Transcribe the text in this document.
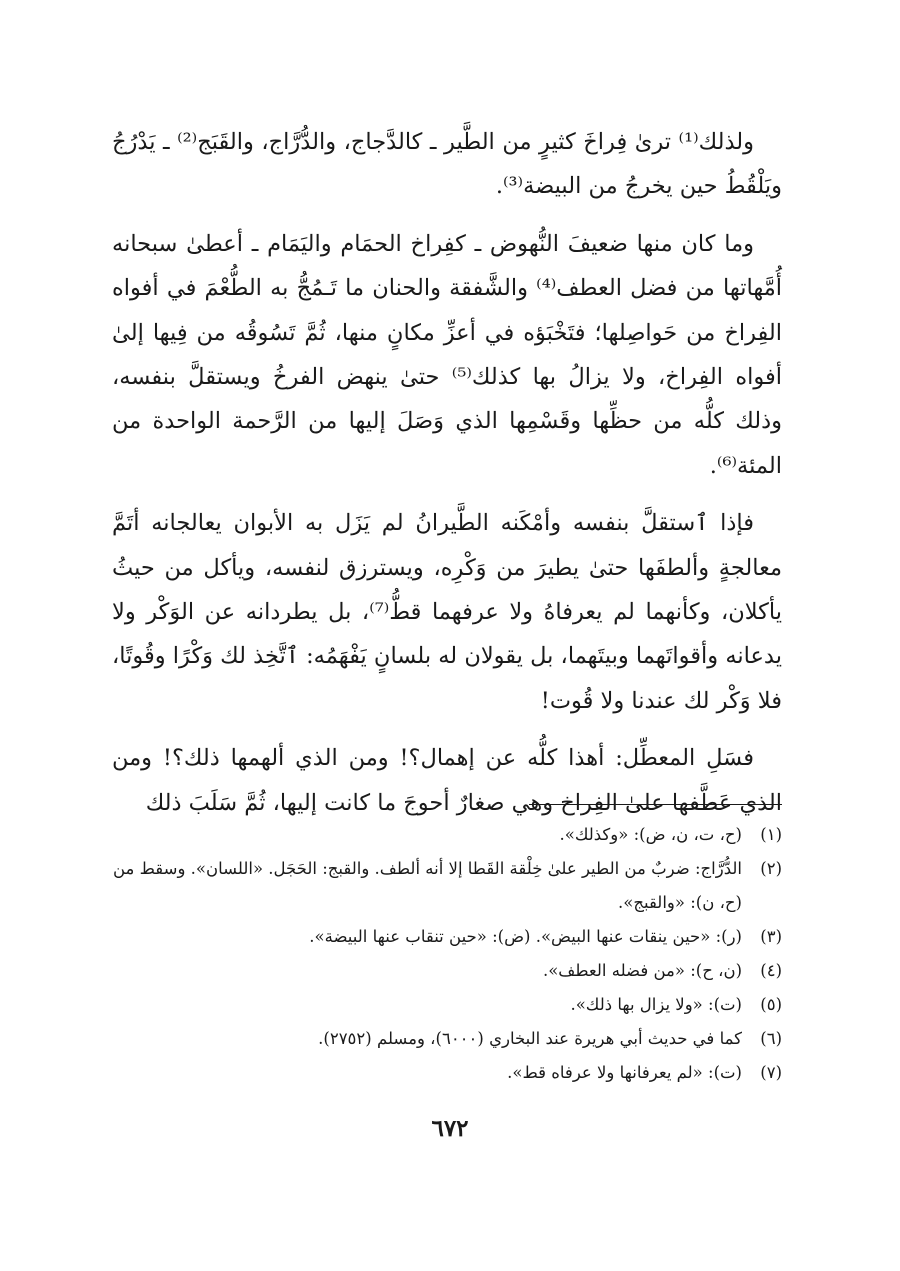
ولذلك⁽¹⁾ ترىٰ فِراخَ كثيرٍ من الطَّير ـ كالدَّجاج، والدُّرَّاج، والقَبَج⁽²⁾ ـ يَدْرُجُ ويَلْقُطُ حين يخرجُ من البيضة⁽³⁾.

وما كان منها ضعيفَ النُّهوض ـ كفِراخ الحمَام واليَمَام ـ أعطىٰ سبحانه أُمَّهاتها من فضل العطف⁽⁴⁾ والشَّفقة والحنان ما تَـمُجُّ به الطُّعْمَ في أفواه الفِراخ من حَواصِلها؛ فتَخْبَؤه في أعزِّ مكانٍ منها، ثُمَّ تَسُوقُه من فِيها إلىٰ أفواه الفِراخ، ولا يزالُ بها كذلك⁽⁵⁾ حتىٰ ينهض الفرخُ ويستقلَّ بنفسه، وذلك كلُّه من حظِّها وقَسْمِها الذي وَصَلَ إليها من الرَّحمة الواحدة من المئة⁽⁶⁾.

فإذا ٱستقلَّ بنفسه وأمْكَنه الطَّيرانُ لم يَزَل به الأبوان يعالجانه أتَمَّ معالجةٍ وألطفَها حتىٰ يطيرَ من وَكْرِه، ويسترزق لنفسه، ويأكل من حيثُ يأكلان، وكأنهما لم يعرفاهُ ولا عرفهما قطُّ⁽⁷⁾، بل يطردانه عن الوَكْر ولا يدعانه وأقواتَهما وبيتَهما، بل يقولان له بلسانٍ يَفْهَمُه: ٱتَّخِذ لك وَكْرًا وقُوتًا، فلا وَكْر لك عندنا ولا قُوت!

فسَلِ المعطِّل: أهذا كلُّه عن إهمال؟! ومن الذي ألهمها ذلك؟! ومن الذي عَطَّفها علىٰ الفِراخ وهي صغارٌ أحوجَ ما كانت إليها، ثُمَّ سَلَبَ ذلك

(١)
(ح، ت، ن، ض): «وكذلك».
(٢)
الدُّرَّاج: ضربٌ من الطير علىٰ خِلْقة القَطا إلا أنه ألطف. والقبج: الحَجَل. «اللسان». وسقط من (ح، ن): «والقبج».
(٣)
(ر): «حين ينقات عنها البيض». (ض): «حين تنقاب عنها البيضة».
(٤)
(ن، ح): «من فضله العطف».
(٥)
(ت): «ولا يزال بها ذلك».
(٦)
كما في حديث أبي هريرة عند البخاري (٦٠٠٠)، ومسلم (٢٧٥٢).
(٧)
(ت): «لم يعرفانها ولا عرفاه قط».
٦٧٢
